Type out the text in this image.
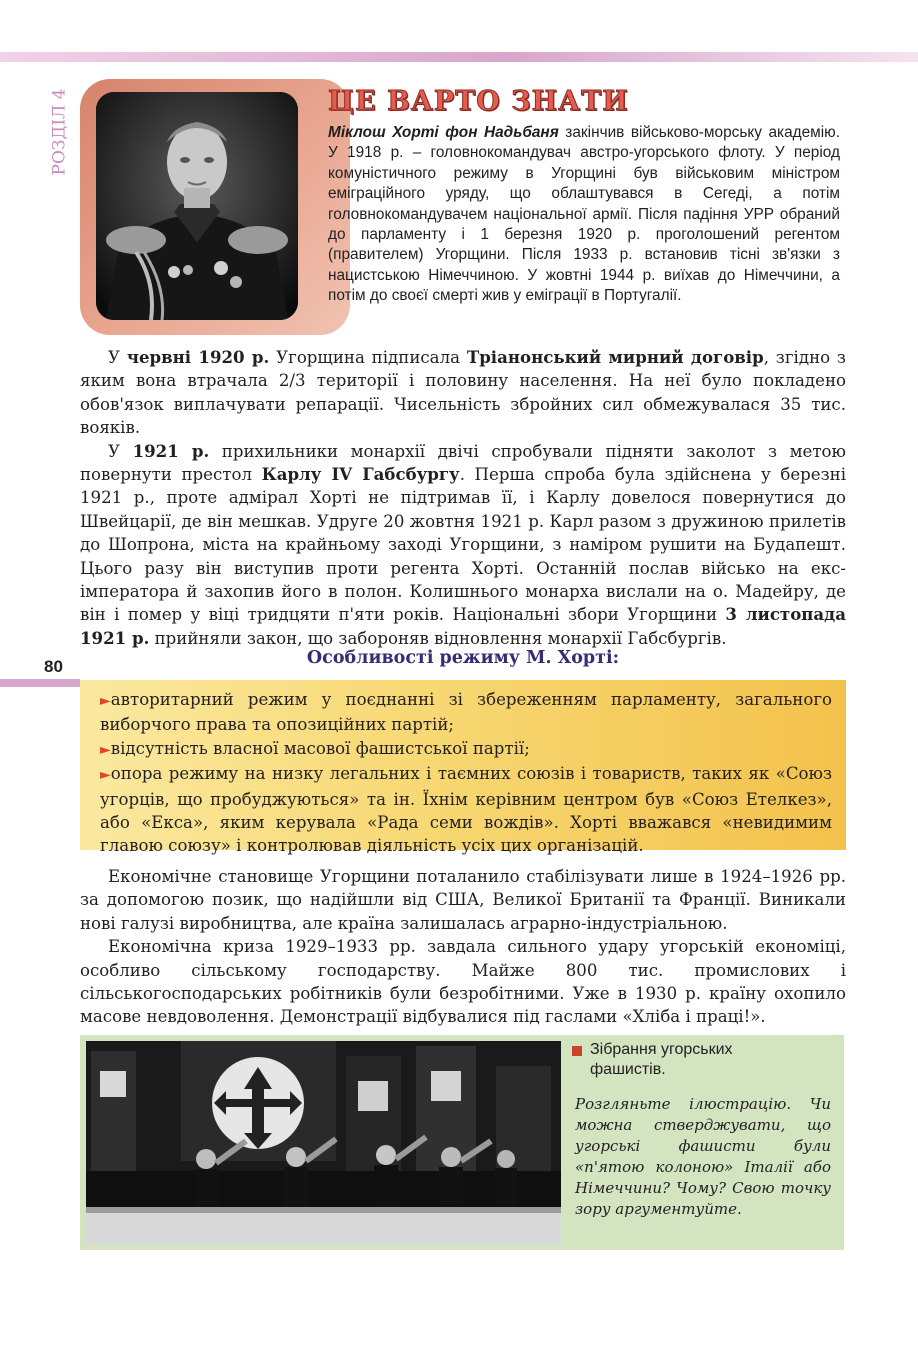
РОЗДІЛ 4	ЦЕ ВАРТО ЗНАТИ
Міклош Хорті фон Надьбаня закінчив військово-морську академію. У 1918 р. – головнокомандувач австро-угорського флоту. У період комуністичного режиму в Угорщині був військовим міністром еміграційного уряду, що облаштувався в Сегеді, а потім головнокомандувачем національної армії. Після падіння УРР обраний до парламенту і 1 березня 1920 р. проголошений регентом (правителем) Угорщини. Після 1933 р. встановив тісні зв'язки з нацистською Німеччиною. У жовтні 1944 р. виїхав до Німеччини, а потім до своєї смерті жив у еміграції в Португалії.

У червні 1920 р. Угорщина підписала Тріанонський мирний договір, згідно з яким вона втрачала 2/3 території і половину населення. На неї було покладено обов'язок виплачувати репарації. Чисельність збройних сил обмежувалася 35 тис. вояків.

У 1921 р. прихильники монархії двічі спробували підняти заколот з метою повернути престол Карлу IV Габсбургу. Перша спроба була здійснена у березні 1921 р., проте адмірал Хорті не підтримав її, і Карлу довелося повернутися до Швейцарії, де він мешкав. Удруге 20 жовтня 1921 р. Карл разом з дружиною прилетів до Шопрона, міста на крайньому заході Угорщини, з наміром рушити на Будапешт. Цього разу він виступив проти регента Хорті. Останній послав військо на екс-імператора й захопив його в полон. Колишнього монарха вислали на о. Мадейру, де він і помер у віці тридцяти п'яти років. Національні збори Угорщини 3 листопада 1921 р. прийняли закон, що забороняв відновлення монархії Габсбургів.

80	Особливості режиму М. Хорті:
►авторитарний режим у поєднанні зі збереженням парламенту, загального виборчого права та опозиційних партій;
►відсутність власної масової фашистської партії;
►опора режиму на низку легальних і таємних союзів і товариств, таких як «Союз угорців, що пробуджуються» та ін. Їхнім керівним центром був «Союз Етелкез», або «Екса», яким керувала «Рада семи вождів». Хорті вважався «невидимим главою союзу» і контролював діяльність усіх цих організацій.

Економічне становище Угорщини поталанило стабілізувати лише в 1924–1926 рр. за допомогою позик, що надійшли від США, Великої Британії та Франції. Виникали нові галузі виробництва, але країна залишалась аграрно-індустріальною.

Економічна криза 1929–1933 рр. завдала сильного удару угорській економіці, особливо сільському господарству. Майже 800 тис. промислових і сільськогосподарських робітників були безробітними. Уже в 1930 р. країну охопило масове невдоволення. Демонстрації відбувалися під гаслами «Хліба і праці!».

Зібрання угорських фашистів.
Розгляньте ілюстрацію. Чи можна стверджувати, що угорські фашисти були «п'ятою колоною» Італії або Німеччини? Чому? Свою точку зору аргументуйте.
